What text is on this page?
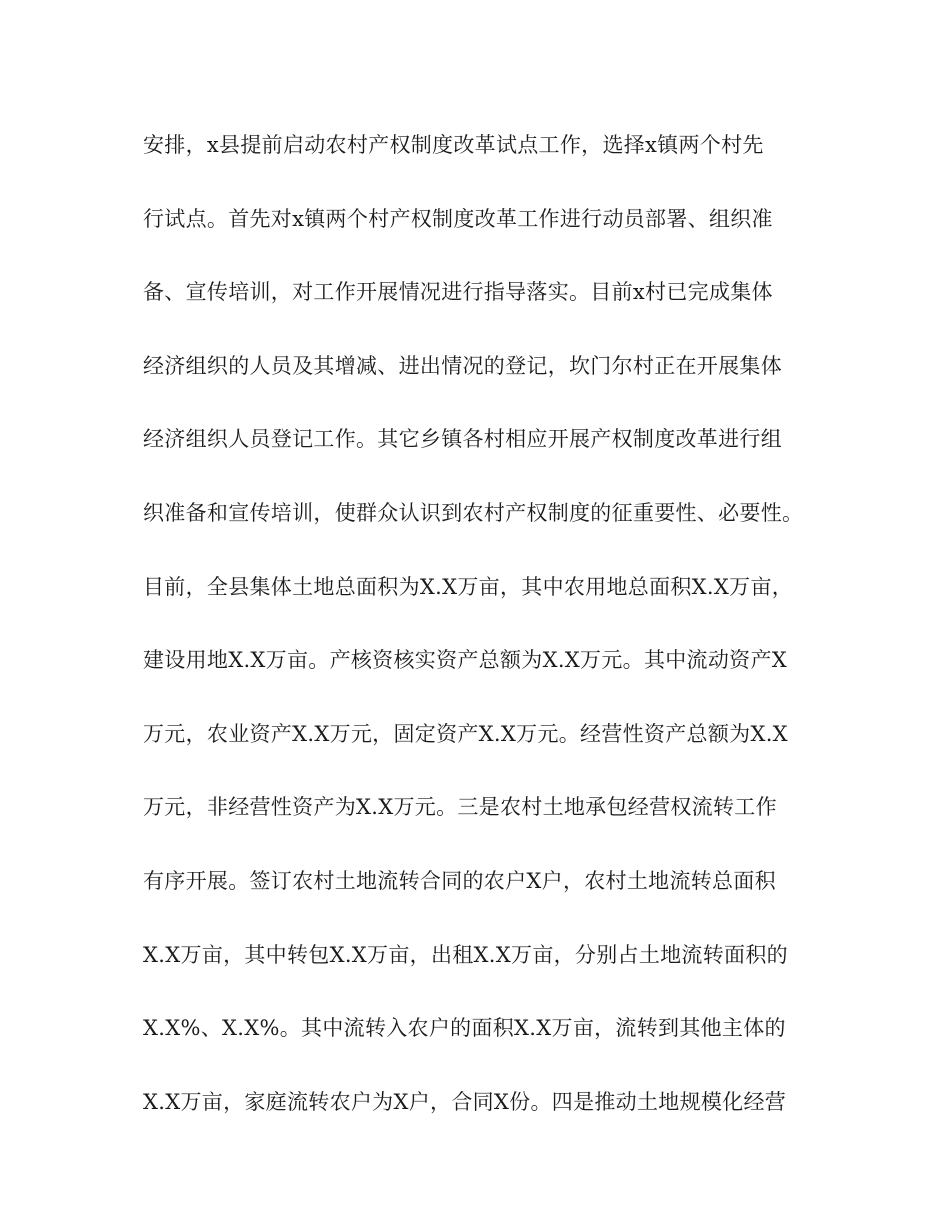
安排，x县提前启动农村产权制度改革试点工作，选择x镇两个村先
行试点。首先对x镇两个村产权制度改革工作进行动员部署、组织准
备、宣传培训，对工作开展情况进行指导落实。目前x村已完成集体
经济组织的人员及其增减、进出情况的登记，坎门尔村正在开展集体
经济组织人员登记工作。其它乡镇各村相应开展产权制度改革进行组
织准备和宣传培训，使群众认识到农村产权制度的征重要性、必要性。
目前，全县集体土地总面积为X.X万亩，其中农用地总面积X.X万亩，
建设用地X.X万亩。产核资核实资产总额为X.X万元。其中流动资产X
万元，农业资产X.X万元，固定资产X.X万元。经营性资产总额为X.X
万元，非经营性资产为X.X万元。三是农村土地承包经营权流转工作
有序开展。签订农村土地流转合同的农户X户，农村土地流转总面积
X.X万亩，其中转包X.X万亩，出租X.X万亩，分别占土地流转面积的
X.X%、X.X%。其中流转入农户的面积X.X万亩，流转到其他主体的
X.X万亩，家庭流转农户为X户，合同X份。四是推动土地规模化经营
